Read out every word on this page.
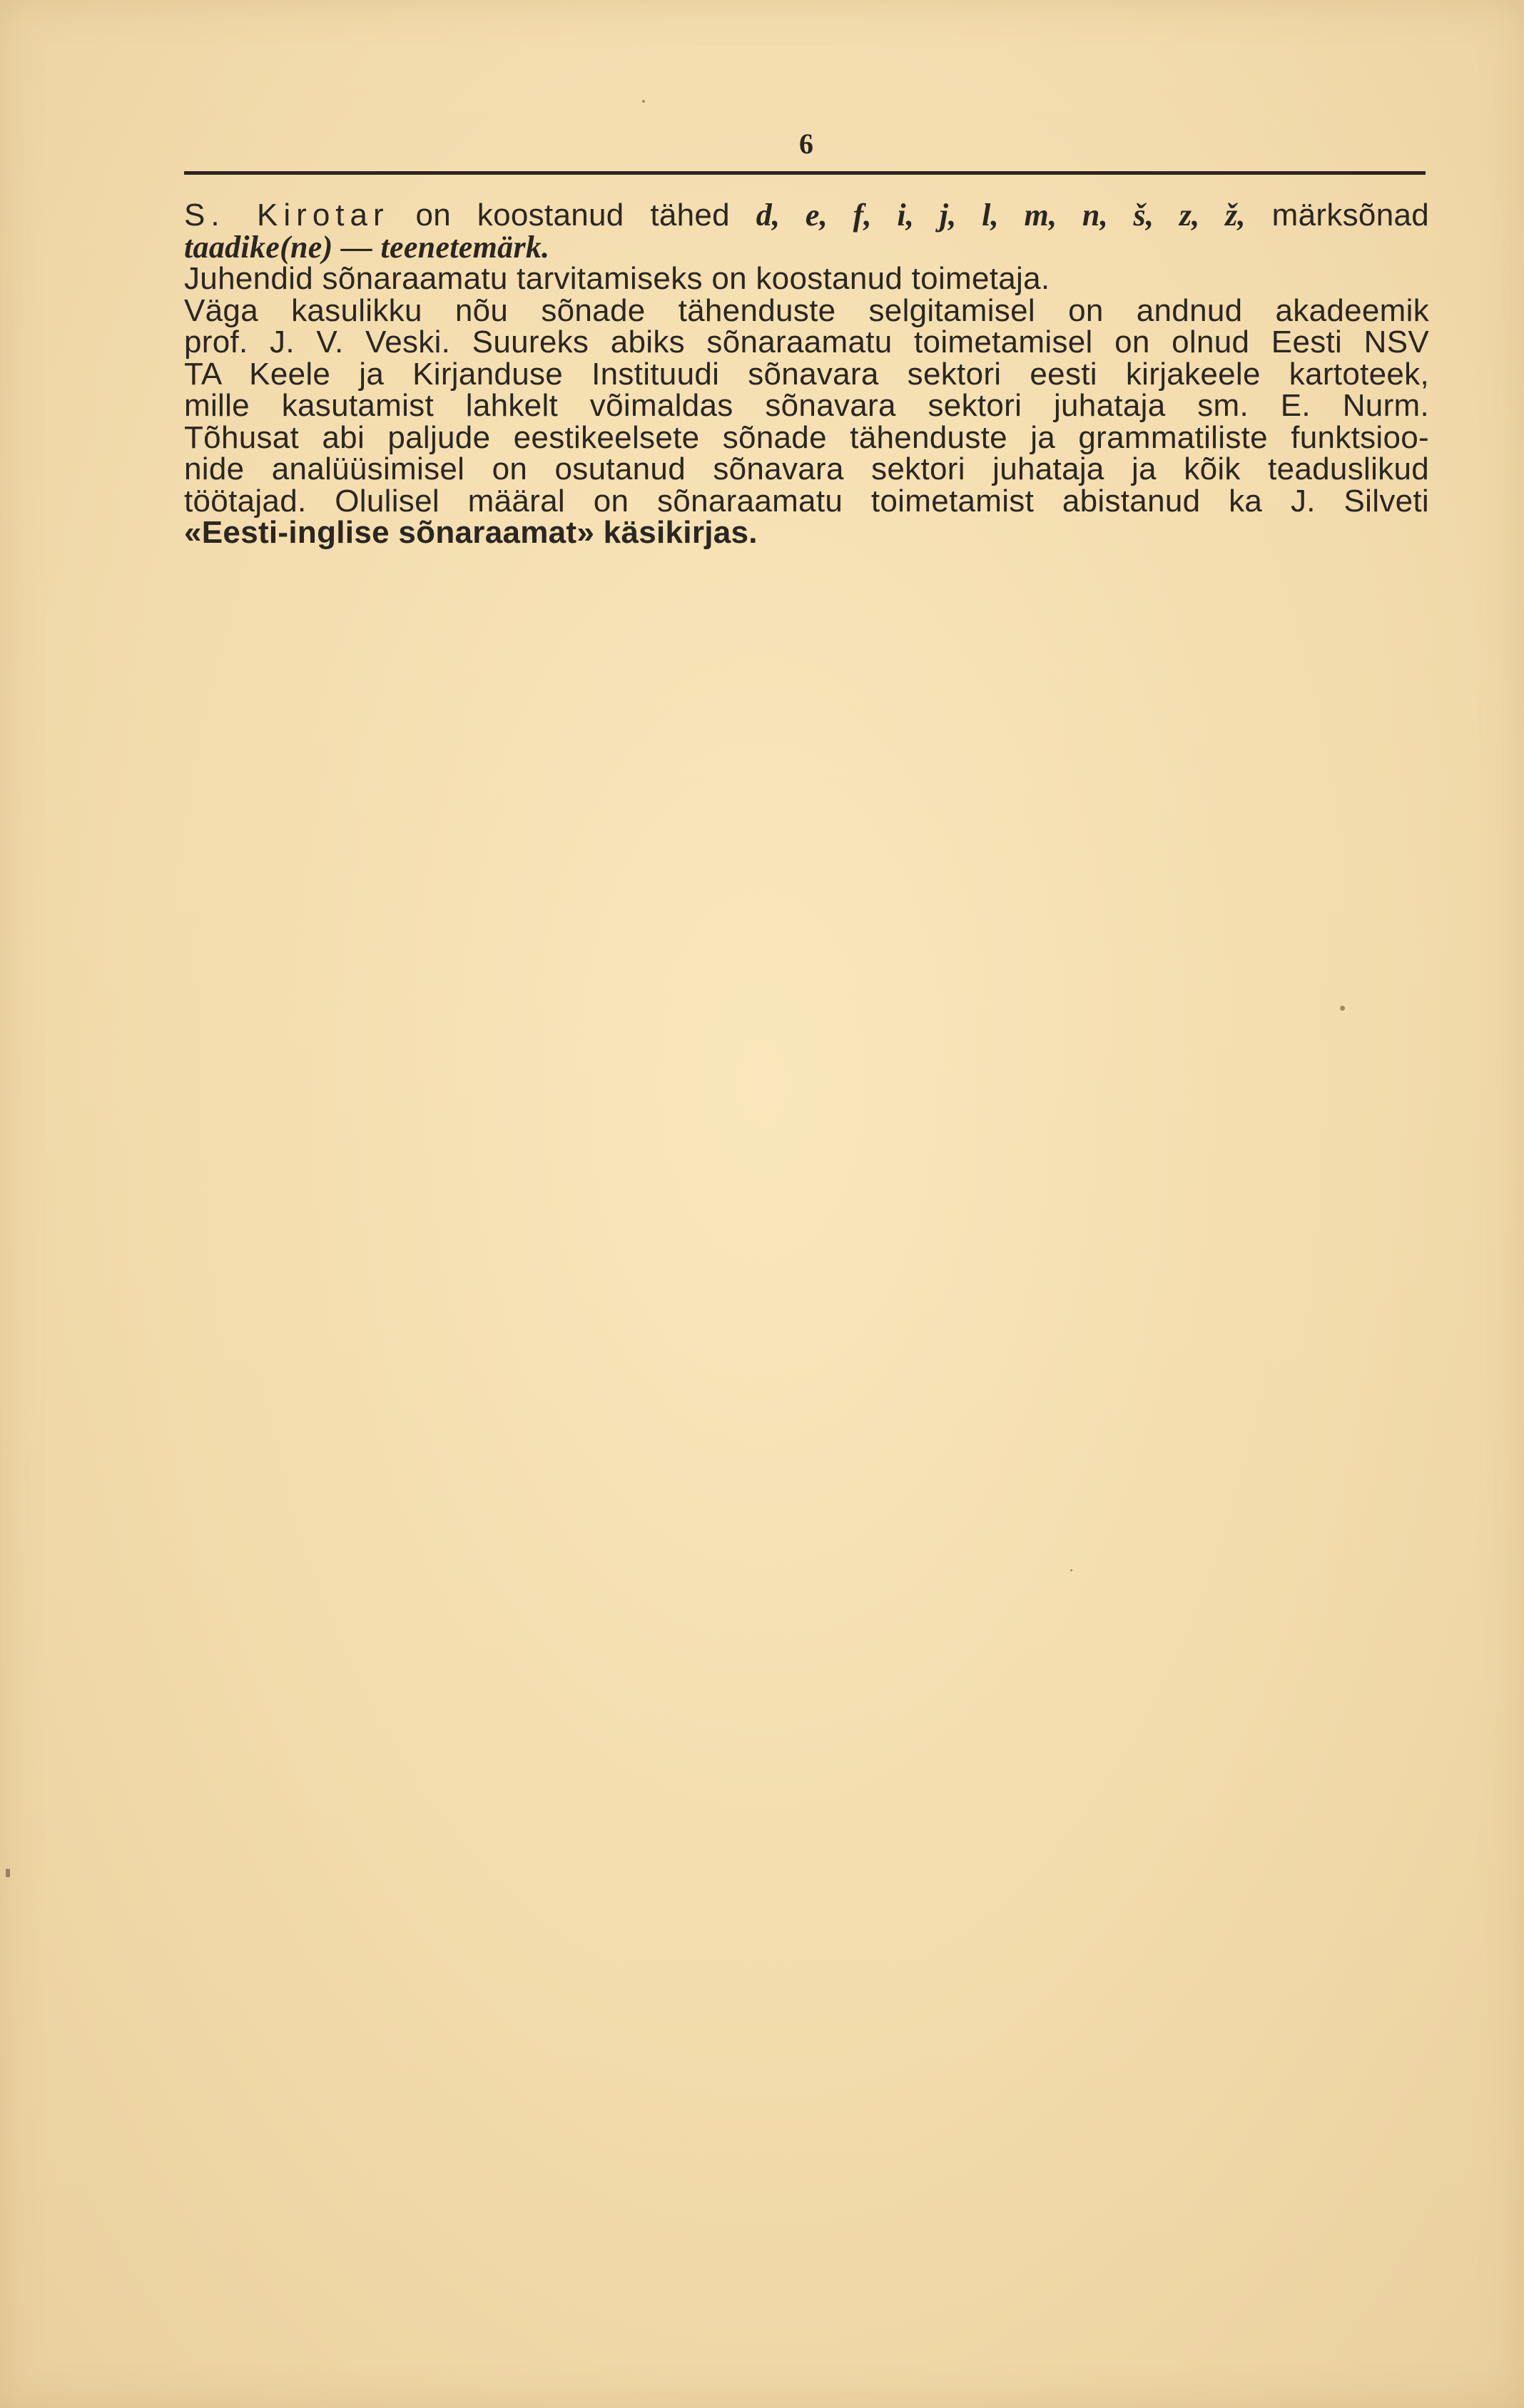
6
S. Kirotar on koostanud tähed d, e, f, i, j, l, m, n, š, z, ž, märksõnad
taadike(ne) — teenetemärk.
Juhendid sõnaraamatu tarvitamiseks on koostanud toimetaja.
Väga kasulikku nõu sõnade tähenduste selgitamisel on andnud akadeemik
prof. J. V. Veski. Suureks abiks sõnaraamatu toimetamisel on olnud Eesti NSV
TA Keele ja Kirjanduse Instituudi sõnavara sektori eesti kirjakeele kartoteek,
mille kasutamist lahkelt võimaldas sõnavara sektori juhataja sm. E. Nurm.
Tõhusat abi paljude eestikeelsete sõnade tähenduste ja grammatiliste funktsioo-
nide analüüsimisel on osutanud sõnavara sektori juhataja ja kõik teaduslikud
töötajad. Olulisel määral on sõnaraamatu toimetamist abistanud ka J. Silveti
«Eesti-inglise sõnaraamat» käsikirjas.
